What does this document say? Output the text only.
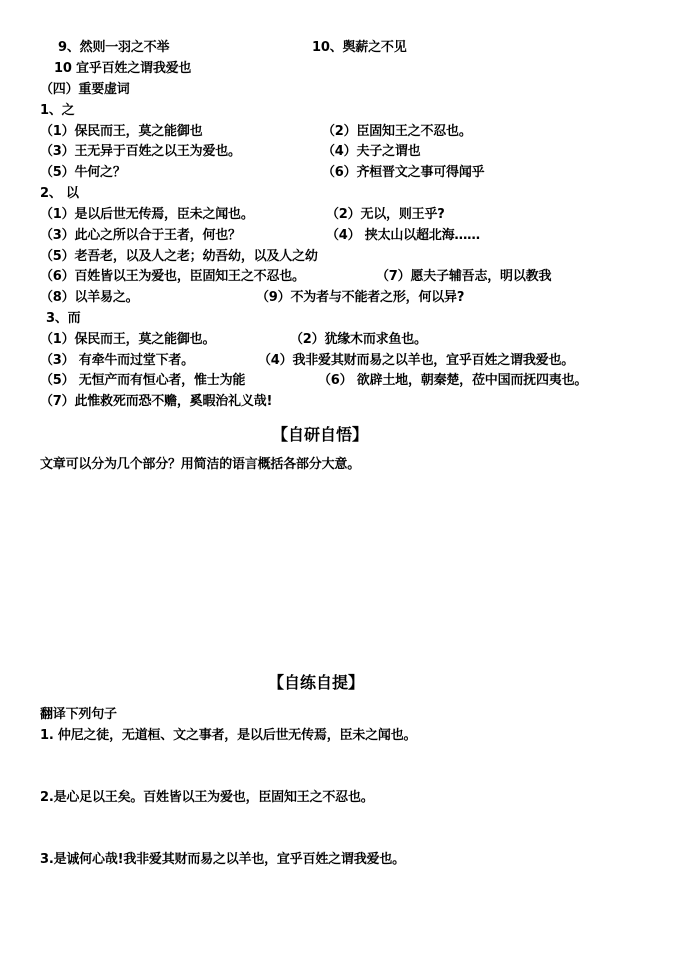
9、然则一羽之不举	10、舆薪之不见
10 宜乎百姓之谓我爱也
（四）重要虚词
1、之
（1）保民而王，莫之能御也	（2）臣固知王之不忍也。
（3）王无异于百姓之以王为爱也。	（4）夫子之谓也
（5）牛何之？	（6）齐桓晋文之事可得闻乎
2、 以
（1）是以后世无传焉，臣未之闻也。	（2）无以，则王乎?
（3）此心之所以合于王者，何也？	（4） 挟太山以超北海……
（5）老吾老，以及人之老；幼吾幼，以及人之幼
（6）百姓皆以王为爱也，臣固知王之不忍也。	（7）愿夫子辅吾志，明以教我
（8）以羊易之。	（9）不为者与不能者之形，何以异?
3、而
（1）保民而王，莫之能御也。	（2）犹缘木而求鱼也。
（3） 有牵牛而过堂下者。	（4）我非爱其财而易之以羊也，宜乎百姓之谓我爱也。
（5） 无恒产而有恒心者，惟士为能	（6） 欲辟土地，朝秦楚，莅中国而抚四夷也。
（7）此惟救死而恐不赡，奚暇治礼义哉!
【自研自悟】
文章可以分为几个部分？用简洁的语言概括各部分大意。
【自练自提】
翻译下列句子
1. 仲尼之徒，无道桓、文之事者，是以后世无传焉，臣未之闻也。
2.是心足以王矣。百姓皆以王为爱也，臣固知王之不忍也。
3.是诚何心哉!我非爱其财而易之以羊也，宜乎百姓之谓我爱也。
